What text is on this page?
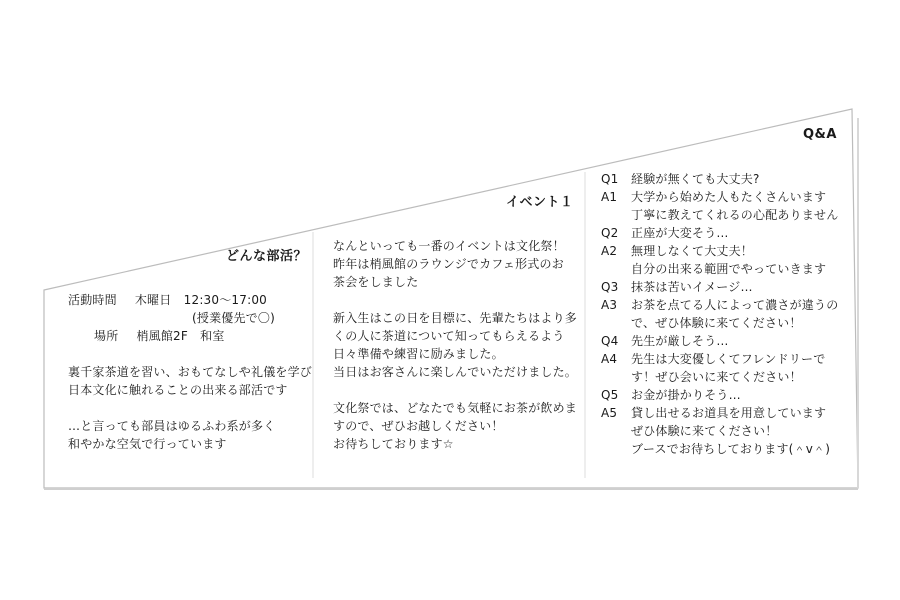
どんな部活？

活動時間 木曜日　12:30〜17:00

(授業優先で〇)

場所 梢風館2F　和室

裏千家茶道を習い、おもてなしや礼儀を学び

日本文化に触れることの出来る部活です

…と言っても部員はゆるふわ系が多く

和やかな空気で行っています

イベント１

なんといっても一番のイベントは文化祭！

昨年は梢風館のラウンジでカフェ形式のお

茶会をしました

新入生はこの日を目標に、先輩たちはより多

くの人に茶道について知ってもらえるよう

日々準備や練習に励みました。

当日はお客さんに楽しんでいただけました。

文化祭では、どなたでも気軽にお茶が飲めま

すので、ぜひお越しください！

お待ちしております☆

Q&A

Q1 経験が無くても大丈夫?

A1 大学から始めた人もたくさんいます

丁寧に教えてくれるの心配ありません

Q2 正座が大変そう…

A2 無理しなくて大丈夫！

自分の出来る範囲でやっていきます

Q3 抹茶は苦いイメージ…

A3 お茶を点てる人によって濃さが違うの

で、ぜひ体験に来てください！

Q4 先生が厳しそう…

A4 先生は大変優しくてフレンドリーで

す！ぜひ会いに来てください！

Q5 お金が掛かりそう…

A5 貸し出せるお道具を用意しています

ぜひ体験に来てください！

ブースでお待ちしております(＾v＾)
